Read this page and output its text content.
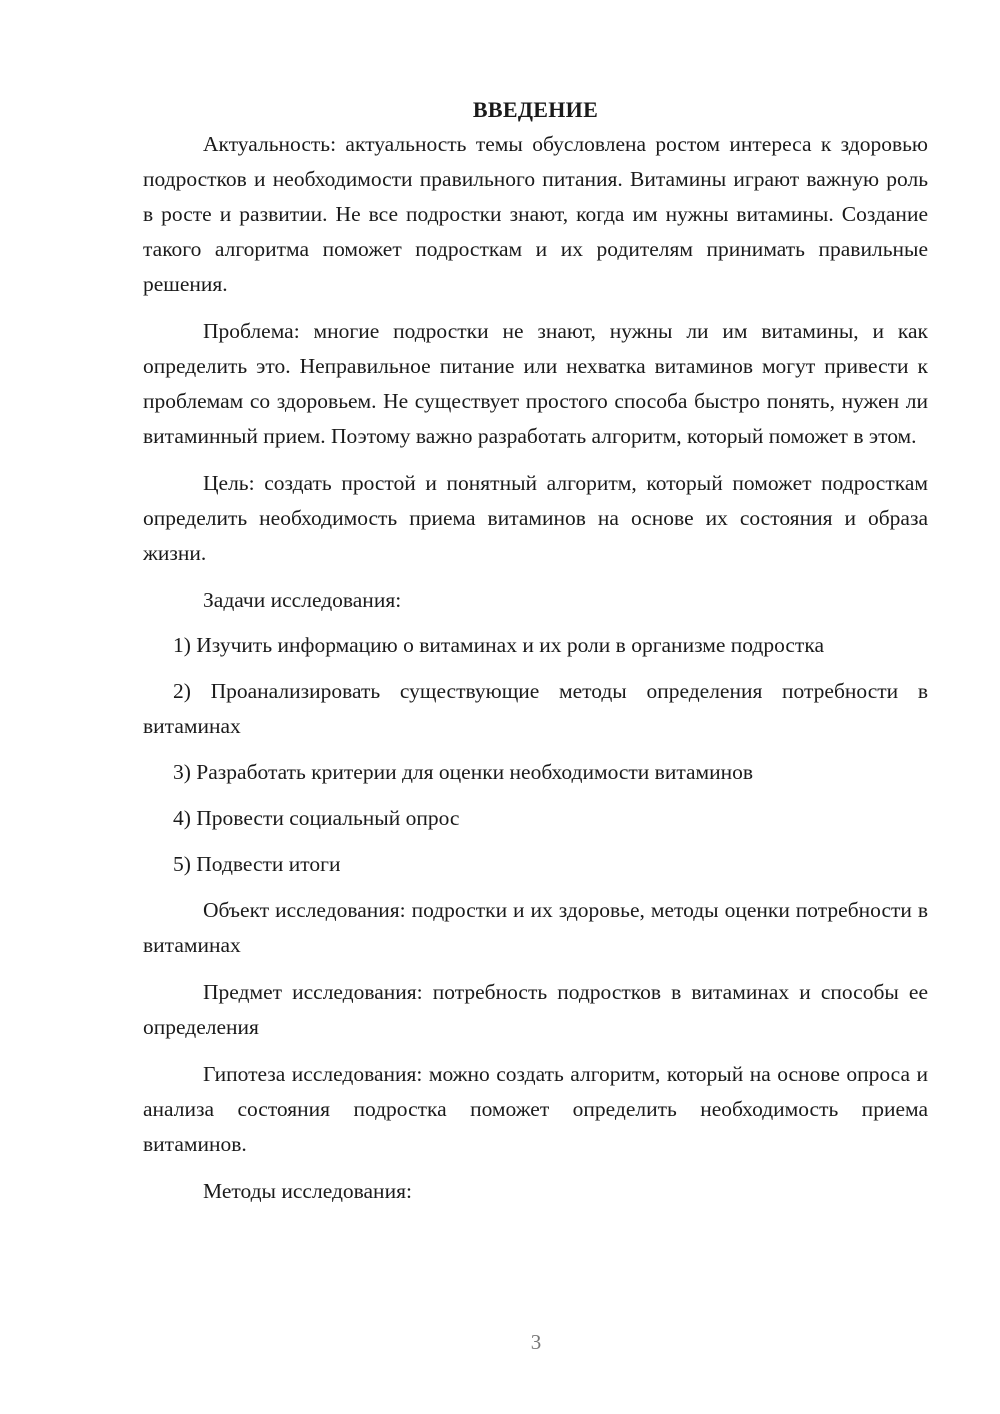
ВВЕДЕНИЕ

Актуальность: актуальность темы обусловлена ростом интереса к здоровью подростков и необходимости правильного питания. Витамины играют важную роль в росте и развитии. Не все подростки знают, когда им нужны витамины. Создание такого алгоритма поможет подросткам и их родителям принимать правильные решения.

Проблема: многие подростки не знают, нужны ли им витамины, и как определить это. Неправильное питание или нехватка витаминов могут привести к проблемам со здоровьем. Не существует простого способа быстро понять, нужен ли витаминный прием. Поэтому важно разработать алгоритм, который поможет в этом.

Цель: создать простой и понятный алгоритм, который поможет подросткам определить необходимость приема витаминов на основе их состояния и образа жизни.

Задачи исследования:

1) Изучить информацию о витаминах и их роли в организме подростка

2) Проанализировать существующие методы определения потребности в витаминах

3) Разработать критерии для оценки необходимости витаминов

4) Провести социальный опрос

5) Подвести итоги

Объект исследования: подростки и их здоровье, методы оценки потребности в витаминах

Предмет исследования: потребность подростков в витаминах и способы ее определения

Гипотеза исследования: можно создать алгоритм, который на основе опроса и анализа состояния подростка поможет определить необходимость приема витаминов.

Методы исследования:

3
